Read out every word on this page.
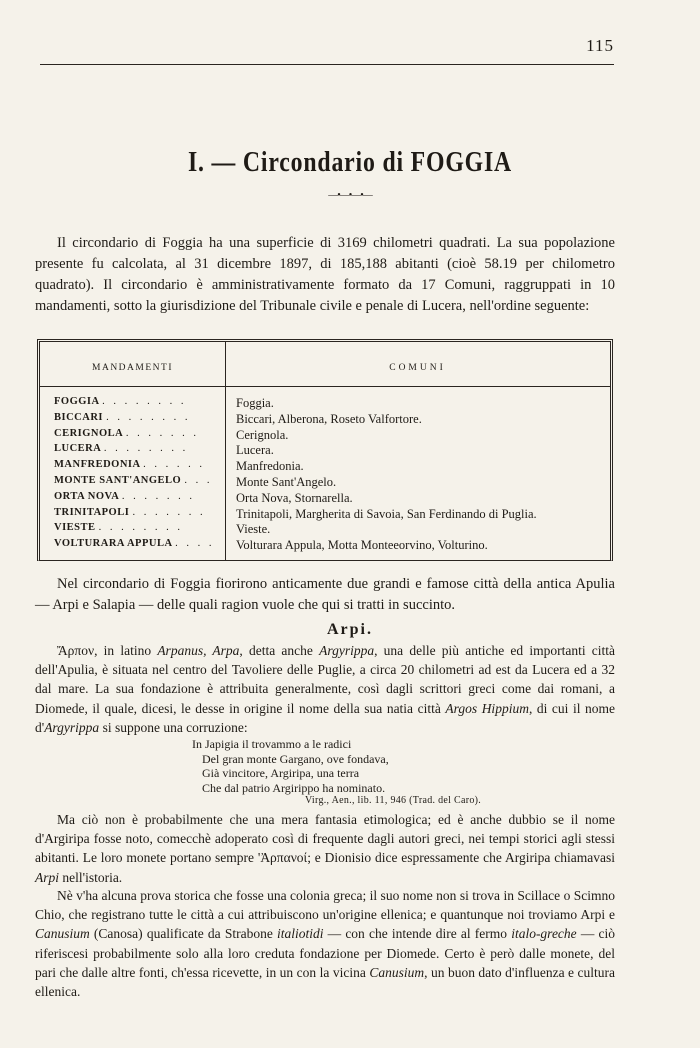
115
I. — Circondario di FOGGIA
—•—•—•—

Il circondario di Foggia ha una superficie di 3169 chilometri quadrati. La sua popolazione presente fu calcolata, al 31 dicembre 1897, di 185,188 abitanti (cioè 58.19 per chilometro quadrato). Il circondario è amministrativamente formato da 17 Comuni, raggruppati in 10 mandamenti, sotto la giurisdizione del Tribunale civile e penale di Lucera, nell'ordine seguente:

MANDAMENTI	COMUNI
FOGGIA . . . . . . . .	Foggia.
BICCARI . . . . . . . .	Biccari, Alberona, Roseto Valfortore.
CERIGNOLA . . . . . . .	Cerignola.
LUCERA . . . . . . . .	Lucera.
MANFREDONIA . . . . . .	Manfredonia.
MONTE SANT'ANGELO . . .	Monte Sant'Angelo.
ORTA NOVA . . . . . . .	Orta Nova, Stornarella.
TRINITAPOLI . . . . . . .	Trinitapoli, Margherita di Savoia, San Ferdinando di Puglia.
VIESTE . . . . . . . .	Vieste.
VOLTURARA APPULA . . . .	Volturara Appula, Motta Monteeorvino, Volturino.

Nel circondario di Foggia fiorirono anticamente due grandi e famose città della antica Apulia — Arpi e Salapia — delle quali ragion vuole che qui si tratti in succinto.

Arpi.

Ἄρπον, in latino Arpanus, Arpa, detta anche Argyrippa, una delle più antiche ed importanti città dell'Apulia, è situata nel centro del Tavoliere delle Puglie, a circa 20 chilometri ad est da Lucera ed a 32 dal mare. La sua fondazione è attribuita generalmente, così dagli scrittori greci come dai romani, a Diomede, il quale, dicesi, le desse in origine il nome della sua natia città Argos Hippium, di cui il nome d'Argyrippa si suppone una corruzione:

In Japigia il trovammo a le radici
Del gran monte Gargano, ove fondava,
Già vincitore, Argiripa, una terra
Che dal patrio Argirippo ha nominato.
Virg., Aen., lib. 11, 946 (Trad. del Caro).

Ma ciò non è probabilmente che una mera fantasia etimologica; ed è anche dubbio se il nome d'Argiripa fosse noto, comecchè adoperato così di frequente dagli autori greci, nei tempi storici agli stessi abitanti. Le loro monete portano sempre 'Ἀρπανοί; e Dionisio dice espressamente che Argiripa chiamavasi Arpi nell'istoria.

Nè v'ha alcuna prova storica che fosse una colonia greca; il suo nome non si trova in Scillace o Scimno Chio, che registrano tutte le città a cui attribuiscono un'origine ellenica; e quantunque noi troviamo Arpi e Canusium (Canosa) qualificate da Strabone italiotidi — con che intende dire al fermo italo-greche — ciò riferiscesi probabilmente solo alla loro creduta fondazione per Diomede. Certo è però dalle monete, del pari che dalle altre fonti, ch'essa ricevette, in un con la vicina Canusium, un buon dato d'influenza e cultura ellenica.
